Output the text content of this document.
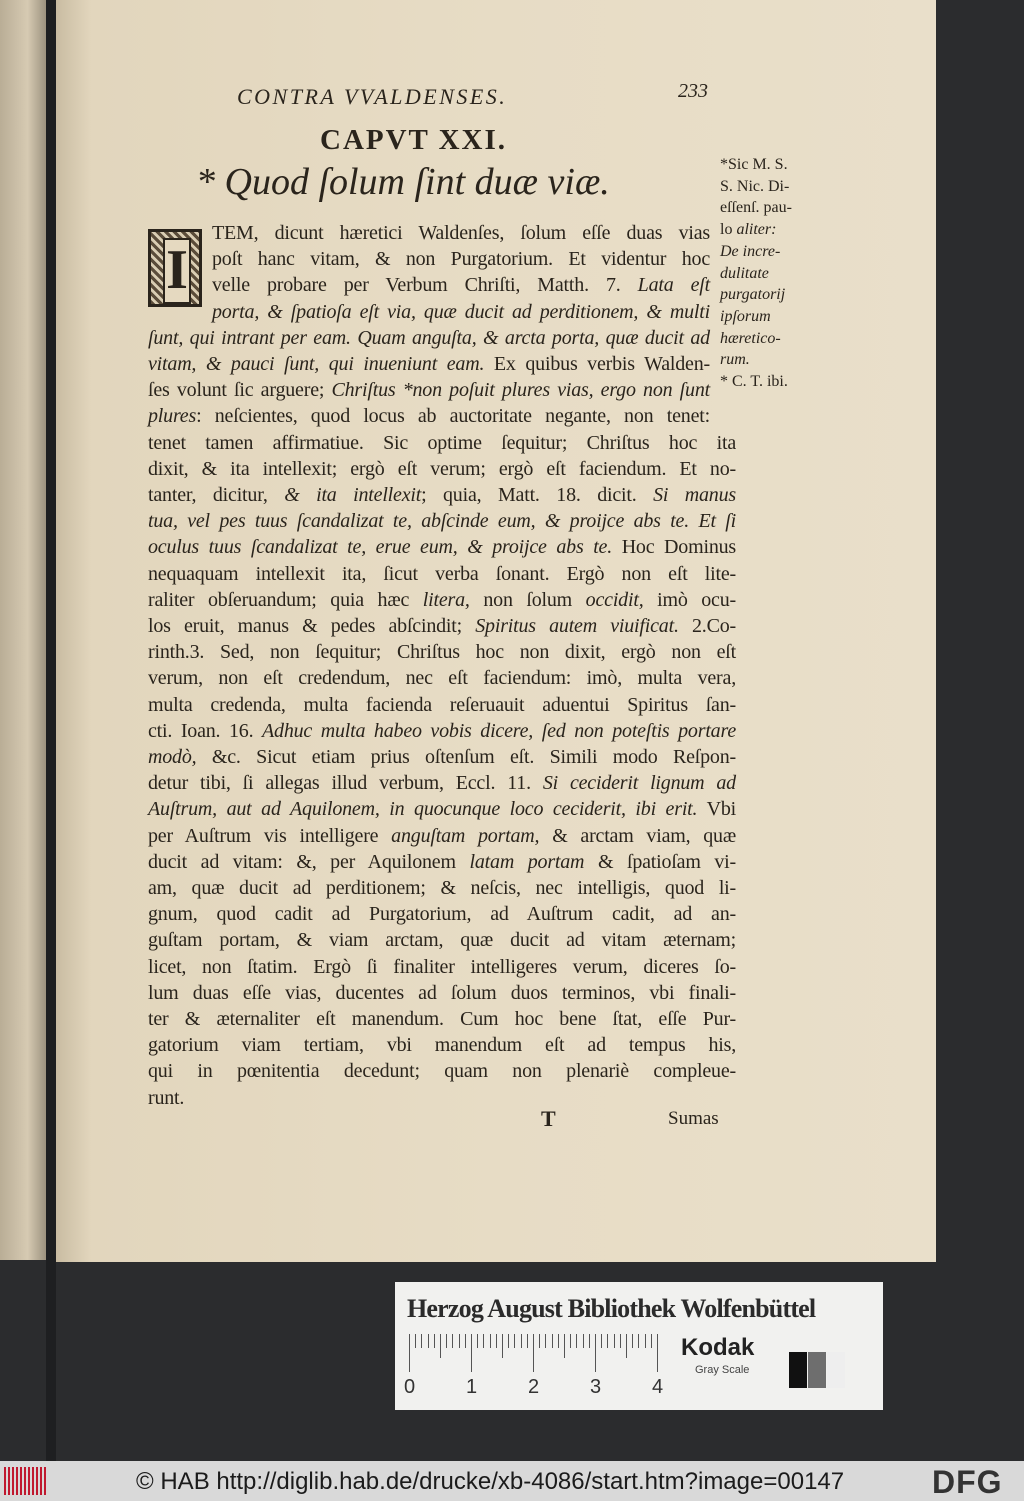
CONTRA VVALDENSES.	233
CAPVT XXI.
* Quod ſolum ſint duæ viæ.
I
TEM, dicunt hæretici Waldenſes, ſolum eſſe duas vias
poſt hanc vitam, & non Purgatorium. Et videntur hoc
velle probare per Verbum Chriſti, Matth. 7. Lata eſt
porta, & ſpatioſa eſt via, quæ ducit ad perditionem, & multi
ſunt, qui intrant per eam. Quam anguſta, & arcta porta, quæ ducit ad
vitam, & pauci ſunt, qui inueniunt eam. Ex quibus verbis Walden-
ſes volunt ſic arguere; Chriſtus *non poſuit plures vias, ergo non ſunt
plures: neſcientes, quod locus ab auctoritate negante, non tenet:
tenet tamen affirmatiue. Sic optime ſequitur; Chriſtus hoc ita
dixit, & ita intellexit; ergò eſt verum; ergò eſt faciendum. Et no-
tanter, dicitur, & ita intellexit; quia, Matt. 18. dicit. Si manus
tua, vel pes tuus ſcandalizat te, abſcinde eum, & proijce abs te. Et ſi
oculus tuus ſcandalizat te, erue eum, & proijce abs te. Hoc Dominus
nequaquam intellexit ita, ſicut verba ſonant. Ergò non eſt lite-
raliter obſeruandum; quia hæc litera, non ſolum occidit, imò ocu-
los eruit, manus & pedes abſcindit; Spiritus autem viuificat. 2.Co-
rinth.3. Sed, non ſequitur; Chriſtus hoc non dixit, ergò non eſt
verum, non eſt credendum, nec eſt faciendum: imò, multa vera,
multa credenda, multa facienda reſeruauit aduentui Spiritus ſan-
cti. Ioan. 16. Adhuc multa habeo vobis dicere, ſed non poteſtis portare
modò, &c. Sicut etiam prius oſtenſum eſt. Simili modo Reſpon-
detur tibi, ſi allegas illud verbum, Eccl. 11. Si ceciderit lignum ad
Auſtrum, aut ad Aquilonem, in quocunque loco ceciderit, ibi erit. Vbi
per Auſtrum vis intelligere anguſtam portam, & arctam viam, quæ
ducit ad vitam: &, per Aquilonem latam portam & ſpatioſam vi-
am, quæ ducit ad perditionem; & neſcis, nec intelligis, quod li-
gnum, quod cadit ad Purgatorium, ad Auſtrum cadit, ad an-
guſtam portam, & viam arctam, quæ ducit ad vitam æternam;
licet, non ſtatim. Ergò ſi finaliter intelligeres verum, diceres ſo-
lum duas eſſe vias, ducentes ad ſolum duos terminos, vbi finali-
ter & æternaliter eſt manendum. Cum hoc bene ſtat, eſſe Pur-
gatorium viam tertiam, vbi manendum eſt ad tempus his,
qui in pœnitentia decedunt; quam non plenariè compleue-
runt.
*Sic M. S.
S. Nic. Di-
eſſenſ. pau-
lo aliter:
De incre-
dulitate
purgatorij
ipſorum
hæretico-
rum.
* C. T. ibi.
T	Sumas
Herzog August Bibliothek Wolfenbüttel
0	1	2	3	4
Kodak
Gray Scale
© HAB http://diglib.hab.de/drucke/xb-4086/start.htm?image=00147	DFG
